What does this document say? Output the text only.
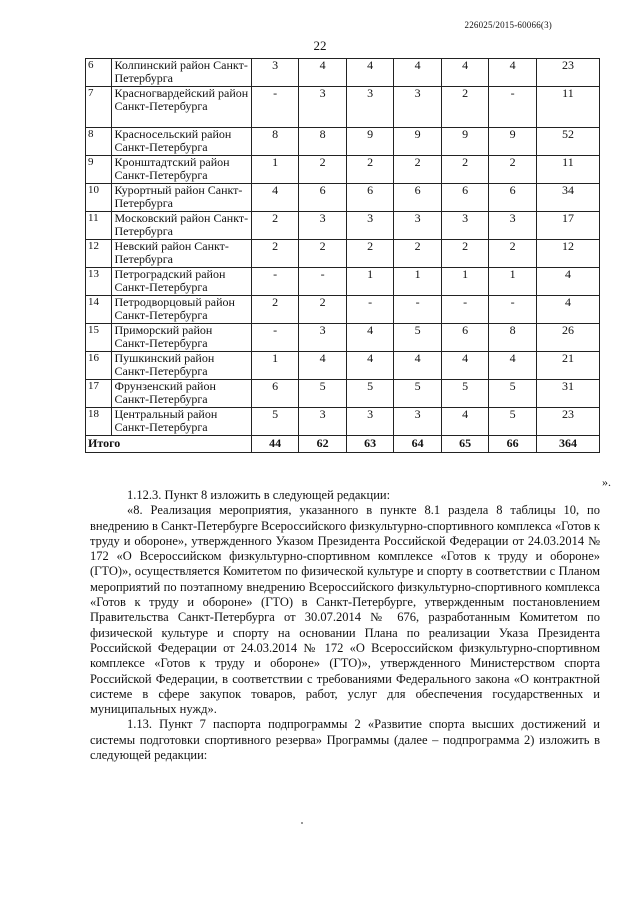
226025/2015-60066(3)
22
6	Колпинский район Санкт-Петербурга	3	4	4	4	4	4	23
7	Красногвардейский район Санкт-Петербурга	-	3	3	3	2	-	11
8	Красносельский район Санкт-Петербурга	8	8	9	9	9	9	52
9	Кронштадтский район Санкт-Петербурга	1	2	2	2	2	2	11
10	Курортный район Санкт-Петербурга	4	6	6	6	6	6	34
11	Московский район Санкт-Петербурга	2	3	3	3	3	3	17
12	Невский район Санкт-Петербурга	2	2	2	2	2	2	12
13	Петроградский район Санкт-Петербурга	-	-	1	1	1	1	4
14	Петродворцовый район Санкт-Петербурга	2	2	-	-	-	-	4
15	Приморский район Санкт-Петербурга	-	3	4	5	6	8	26
16	Пушкинский район Санкт-Петербурга	1	4	4	4	4	4	21
17	Фрунзенский район Санкт-Петербурга	6	5	5	5	5	5	31
18	Центральный район Санкт-Петербурга	5	3	3	3	4	5	23
Итого		44	62	63	64	65	66	364
».

1.12.3. Пункт 8 изложить в следующей редакции:

«8. Реализация мероприятия, указанного в пункте 8.1 раздела 8 таблицы 10, по внедрению в Санкт-Петербурге Всероссийского физкультурно-спортивного комплекса «Готов к труду и обороне», утвержденного Указом Президента Российской Федерации от 24.03.2014 № 172 «О Всероссийском физкультурно-спортивном комплексе «Готов к труду и обороне» (ГТО)», осуществляется Комитетом по физической культуре и спорту в соответствии с Планом мероприятий по поэтапному внедрению Всероссийского физкультурно-спортивного комплекса «Готов к труду и обороне» (ГТО) в Санкт-Петербурге, утвержденным постановлением Правительства Санкт-Петербурга от 30.07.2014 № 676, разработанным Комитетом по физической культуре и спорту на основании Плана по реализации Указа Президента Российской Федерации от 24.03.2014 № 172 «О Всероссийском физкультурно-спортивном комплексе «Готов к труду и обороне» (ГТО)», утвержденного Министерством спорта Российской Федерации, в соответствии с требованиями Федерального закона «О контрактной системе в сфере закупок товаров, работ, услуг для обеспечения государственных и муниципальных нужд».

1.13. Пункт 7 паспорта подпрограммы 2 «Развитие спорта высших достижений и системы подготовки спортивного резерва» Программы (далее – подпрограмма 2) изложить в следующей редакции:
